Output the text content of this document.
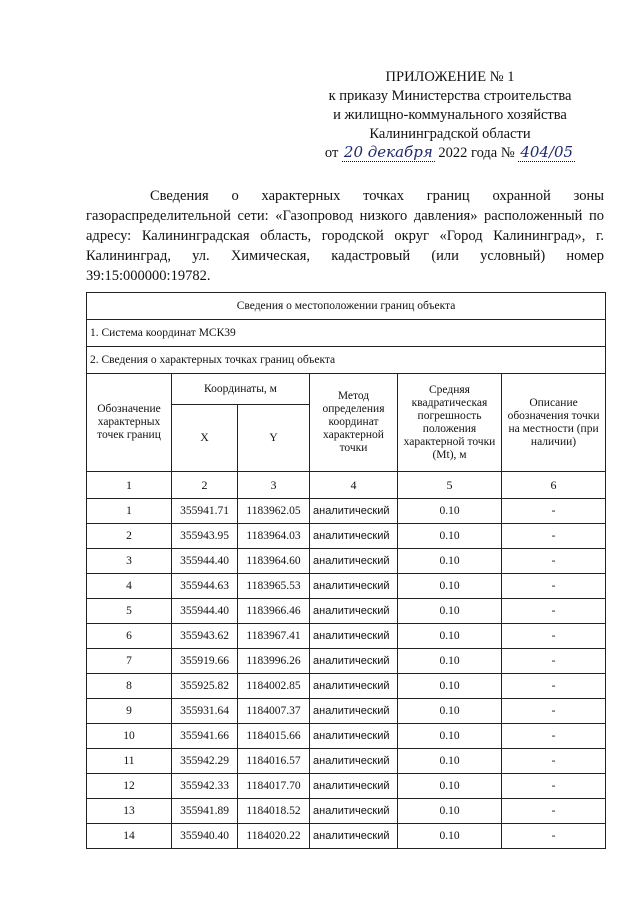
ПРИЛОЖЕНИЕ № 1
к приказу Министерства строительства
и жилищно-коммунального хозяйства
Калининградской области
от 20 декабря 2022 года № 404/05

Сведения о характерных точках границ охранной зоны газораспределительной сети: «Газопровод низкого давления» расположенный по адресу: Калининградская область, городской округ «Город Калининград», г. Калининград, ул. Химическая, кадастровый (или условный) номер 39:15:000000:19782.

Сведения о местоположении границ объекта					
1. Система координат МСК39					
2. Сведения о характерных точках границ объекта					
Обозначение характерных точек границ	Координаты, м		Метод определения координат характерной точки	Средняя квадратическая погрешность положения характерной точки (Mt), м	Описание обозначения точки на местности (при наличии)
	X	Y			
1	2	3	4	5	6
1	355941.71	1183962.05	аналитический	0.10	-
2	355943.95	1183964.03	аналитический	0.10	-
3	355944.40	1183964.60	аналитический	0.10	-
4	355944.63	1183965.53	аналитический	0.10	-
5	355944.40	1183966.46	аналитический	0.10	-
6	355943.62	1183967.41	аналитический	0.10	-
7	355919.66	1183996.26	аналитический	0.10	-
8	355925.82	1184002.85	аналитический	0.10	-
9	355931.64	1184007.37	аналитический	0.10	-
10	355941.66	1184015.66	аналитический	0.10	-
11	355942.29	1184016.57	аналитический	0.10	-
12	355942.33	1184017.70	аналитический	0.10	-
13	355941.89	1184018.52	аналитический	0.10	-
14	355940.40	1184020.22	аналитический	0.10	-
